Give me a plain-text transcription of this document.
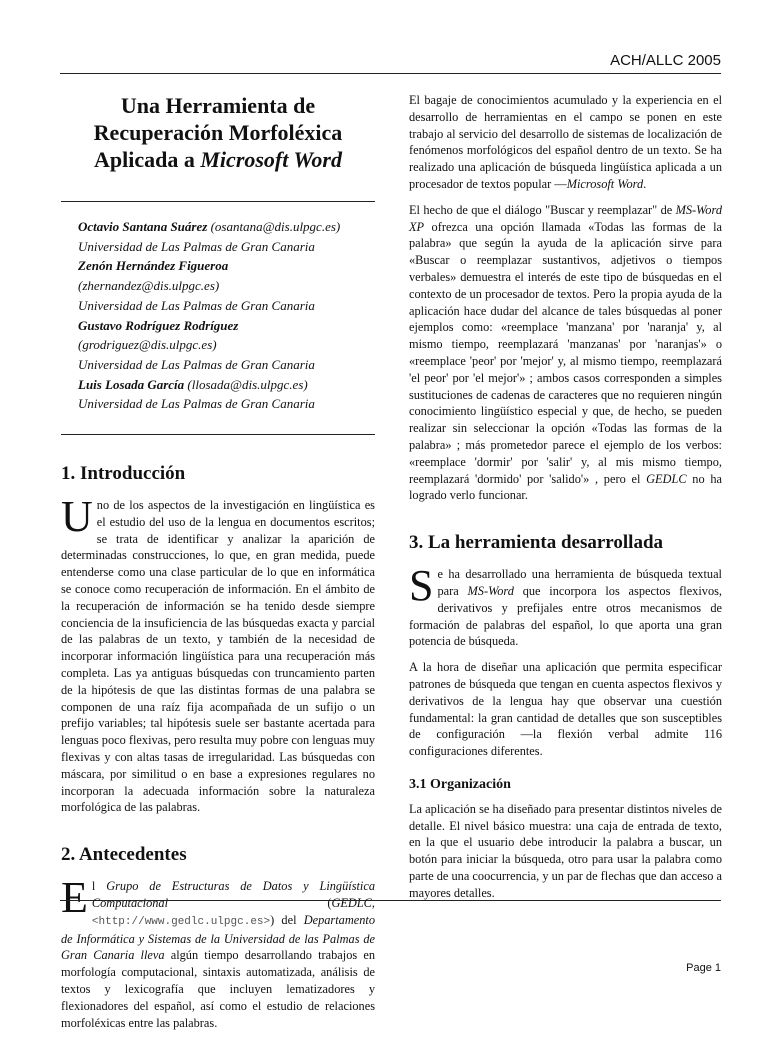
ACH/ALLC 2005
Una Herramienta de
Recuperación Morfoléxica
Aplicada a Microsoft Word
Octavio Santana Suárez (osantana@dis.ulpgc.es)
Universidad de Las Palmas de Gran Canaria
Zenón Hernández Figueroa
(zhernandez@dis.ulpgc.es)
Universidad de Las Palmas de Gran Canaria
Gustavo Rodríguez Rodríguez
(grodriguez@dis.ulpgc.es)
Universidad de Las Palmas de Gran Canaria
Luis Losada García (llosada@dis.ulpgc.es)
Universidad de Las Palmas de Gran Canaria
1. Introducción

Uno de los aspectos de la investigación en lingüística es el estudio del uso de la lengua en documentos escritos; se trata de identificar y analizar la aparición de determinadas construcciones, lo que, en gran medida, puede entenderse como una clase particular de lo que en informática se conoce como recuperación de información. En el ámbito de la recuperación de información se ha tenido desde siempre conciencia de la insuficiencia de las búsquedas exacta y parcial de las palabras de un texto, y también de la necesidad de incorporar información lingüística para una recuperación más completa. Las ya antiguas búsquedas con truncamiento parten de la hipótesis de que las distintas formas de una palabra se componen de una raíz fija acompañada de un sufijo o un prefijo variables; tal hipótesis suele ser bastante acertada para lenguas poco flexivas, pero resulta muy pobre con lenguas muy flexivas y con altas tasas de irregularidad. Las búsquedas con máscara, por similitud o en base a expresiones regulares no incorporan la adecuada información sobre la naturaleza morfológica de las palabras.

2. Antecedentes

El Grupo de Estructuras de Datos y Lingüística Computacional (GEDLC, <http://www.gedlc.ulpgc.es>) del Departamento de Informática y Sistemas de la Universidad de las Palmas de Gran Canaria lleva algún tiempo desarrollando trabajos en morfología computacional, sintaxis automatizada, análisis de textos y lexicografía que incluyen lematizadores y flexionadores del español, así como el estudio de relaciones morfoléxicas entre las palabras.

El bagaje de conocimientos acumulado y la experiencia en el desarrollo de herramientas en el campo se ponen en este trabajo al servicio del desarrollo de sistemas de localización de fenómenos morfológicos del español dentro de un texto. Se ha realizado una aplicación de búsqueda lingüística aplicada a un procesador de textos popular —Microsoft Word.

El hecho de que el diálogo "Buscar y reemplazar" de MS-Word XP ofrezca una opción llamada «Todas las formas de la palabra» que según la ayuda de la aplicación sirve para «Buscar o reemplazar sustantivos, adjetivos o tiempos verbales» demuestra el interés de este tipo de búsquedas en el contexto de un procesador de textos. Pero la propia ayuda de la aplicación hace dudar del alcance de tales búsquedas al poner ejemplos como: «reemplace 'manzana' por 'naranja' y, al mismo tiempo, reemplazará 'manzanas' por 'naranjas'» o «reemplace 'peor' por 'mejor' y, al mismo tiempo, reemplazará 'el peor' por 'el mejor'» ; ambos casos corresponden a simples sustituciones de cadenas de caracteres que no requieren ningún conocimiento lingüístico especial y que, de hecho, se pueden realizar sin seleccionar la opción «Todas las formas de la palabra» ; más prometedor parece el ejemplo de los verbos: «reemplace 'dormir' por 'salir' y, al mis mismo tiempo, reemplazará 'dormido' por 'salido'» , pero el GEDLC no ha logrado verlo funcionar.

3. La herramienta desarrollada

Se ha desarrollado una herramienta de búsqueda textual para MS-Word que incorpora los aspectos flexivos, derivativos y prefijales entre otros mecanismos de formación de palabras del español, lo que aporta una gran potencia de búsqueda.

A la hora de diseñar una aplicación que permita especificar patrones de búsqueda que tengan en cuenta aspectos flexivos y derivativos de la lengua hay que observar una cuestión fundamental: la gran cantidad de detalles que son susceptibles de configuración —la flexión verbal admite 116 configuraciones diferentes.

3.1 Organización

La aplicación se ha diseñado para presentar distintos niveles de detalle. El nivel básico muestra: una caja de entrada de texto, en la que el usuario debe introducir la palabra a buscar, un botón para iniciar la búsqueda, otro para usar la palabra como parte de una coocurrencia, y un par de flechas que dan acceso a mayores detalles.

Page 1
